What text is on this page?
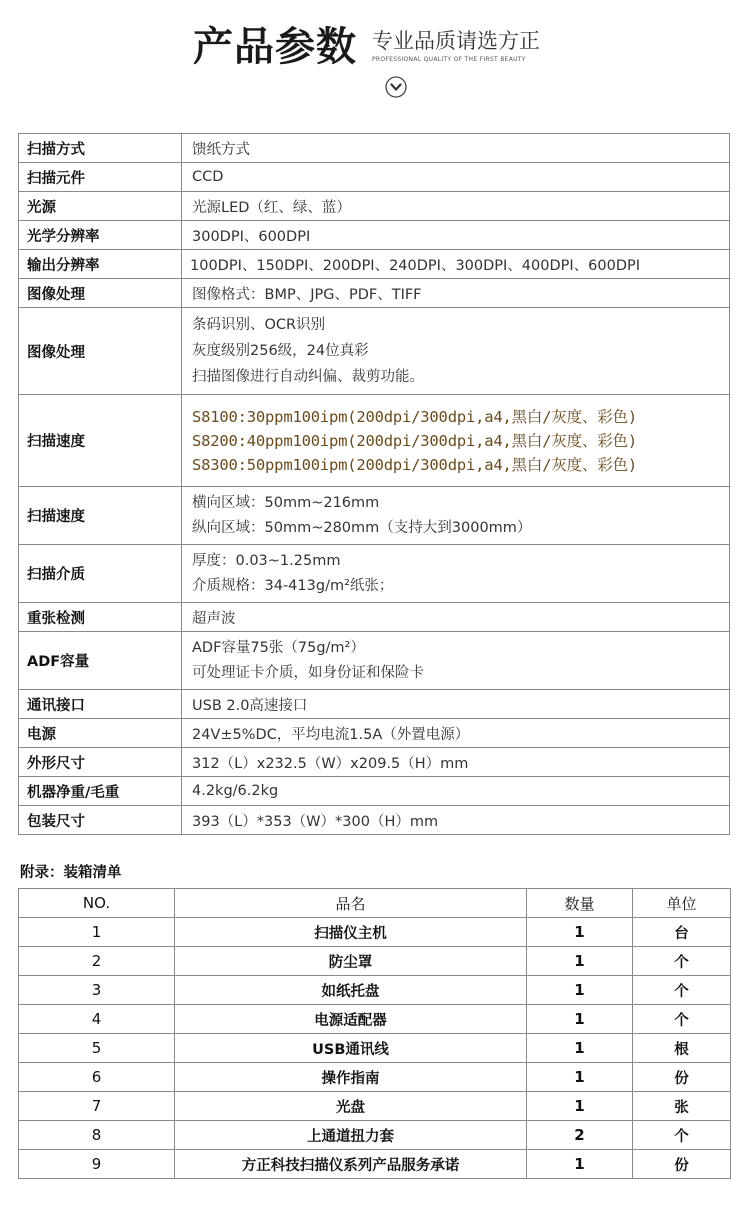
产品参数 专业品质请选方正
PROFESSIONAL QUALITY OF THE FIRST BEAUTY
扫描方式	馈纸方式

扫描元件	CCD

光源	光源LED（红、绿、蓝）

光学分辨率	300DPI、600DPI

输出分辨率	100DPI、150DPI、200DPI、240DPI、300DPI、400DPI、600DPI

图像处理	图像格式：BMP、JPG、PDF、TIFF

图像处理	条码识别、OCR识别
灰度级别256级，24位真彩
扫描图像进行自动纠偏、裁剪功能。

扫描速度	S8100:30ppm100ipm(200dpi/300dpi,a4,黑白/灰度、彩色)
S8200:40ppm100ipm(200dpi/300dpi,a4,黑白/灰度、彩色)
S8300:50ppm100ipm(200dpi/300dpi,a4,黑白/灰度、彩色)

扫描速度	横向区域：50mm~216mm
纵向区域：50mm~280mm（支持大到3000mm）

扫描介质	厚度：0.03~1.25mm
介质规格：34-413g/m²纸张；

重张检测	超声波

ADF容量	ADF容量75张（75g/m²）
可处理证卡介质，如身份证和保险卡

通讯接口	USB 2.0高速接口

电源	24V±5%DC，平均电流1.5A（外置电源）

外形尺寸	312（L）x232.5（W）x209.5（H）mm

机器净重/毛重	4.2kg/6.2kg

包装尺寸	393（L）*353（W）*300（H）mm
附录：装箱清单
NO.	品名	数量	单位
1	扫描仪主机	1	台
2	防尘罩	1	个
3	如纸托盘	1	个
4	电源适配器	1	个
5	USB通讯线	1	根
6	操作指南	1	份
7	光盘	1	张
8	上通道扭力套	2	个
9	方正科技扫描仪系列产品服务承诺	1	份
